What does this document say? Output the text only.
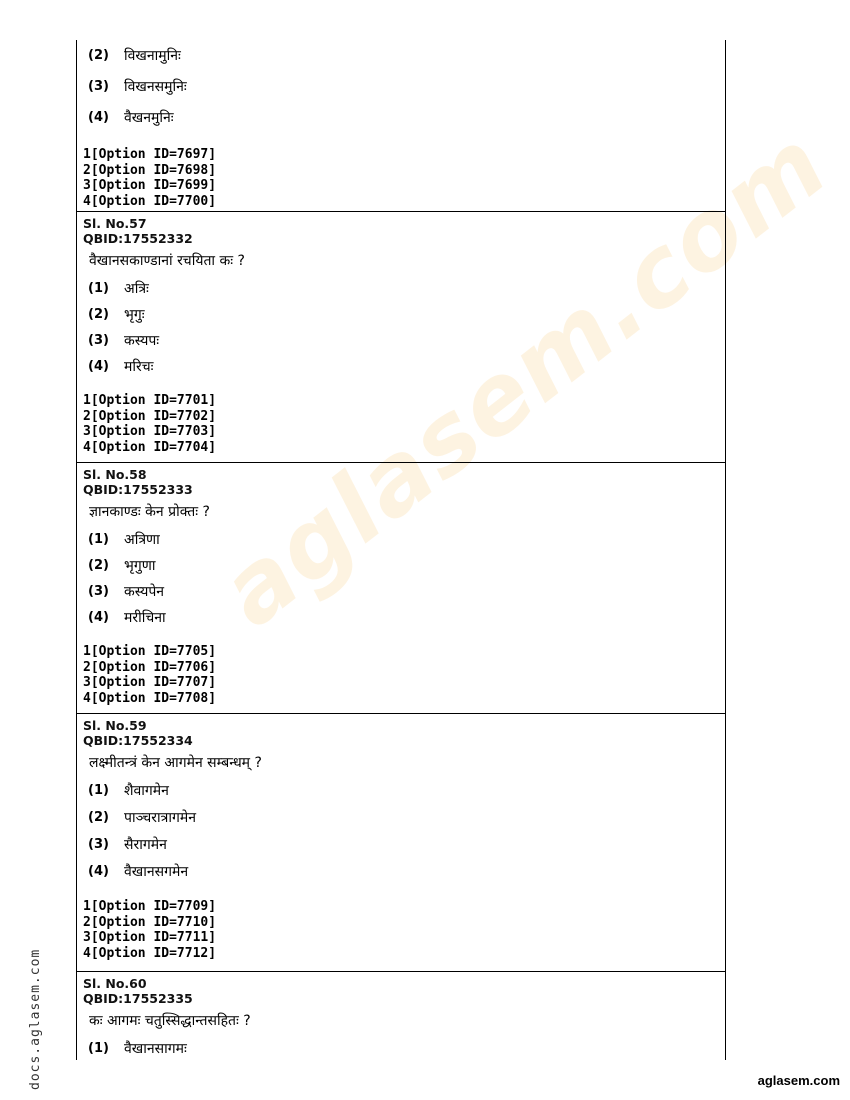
aglasem.com
(2)	विखनामुनिः
(3)	विखनसमुनिः
(4)	वैखनमुनिः
1[Option ID=7697]
2[Option ID=7698]
3[Option ID=7699]
4[Option ID=7700]
Sl. No.57
QBID:17552332
वैखानसकाण्डानां रचयिता कः ?
(1)	अत्रिः
(2)	भृगुः
(3)	कस्यपः
(4)	मरिचः
1[Option ID=7701]
2[Option ID=7702]
3[Option ID=7703]
4[Option ID=7704]
Sl. No.58
QBID:17552333
ज्ञानकाण्डः केन प्रोक्तः ?
(1)	अत्रिणा
(2)	भृगुणा
(3)	कस्यपेन
(4)	मरीचिना
1[Option ID=7705]
2[Option ID=7706]
3[Option ID=7707]
4[Option ID=7708]
Sl. No.59
QBID:17552334
लक्ष्मीतन्त्रं केन आगमेन सम्बन्धम् ?
(1)	शैवागमेन
(2)	पाञ्चरात्रागमेन
(3)	सैरागमेन
(4)	वैखानसगमेन
1[Option ID=7709]
2[Option ID=7710]
3[Option ID=7711]
4[Option ID=7712]
Sl. No.60
QBID:17552335
कः आगमः चतुस्सिद्धान्तसहितः ?
(1)	वैखानसागमः
docs.aglasem.com	aglasem.com
